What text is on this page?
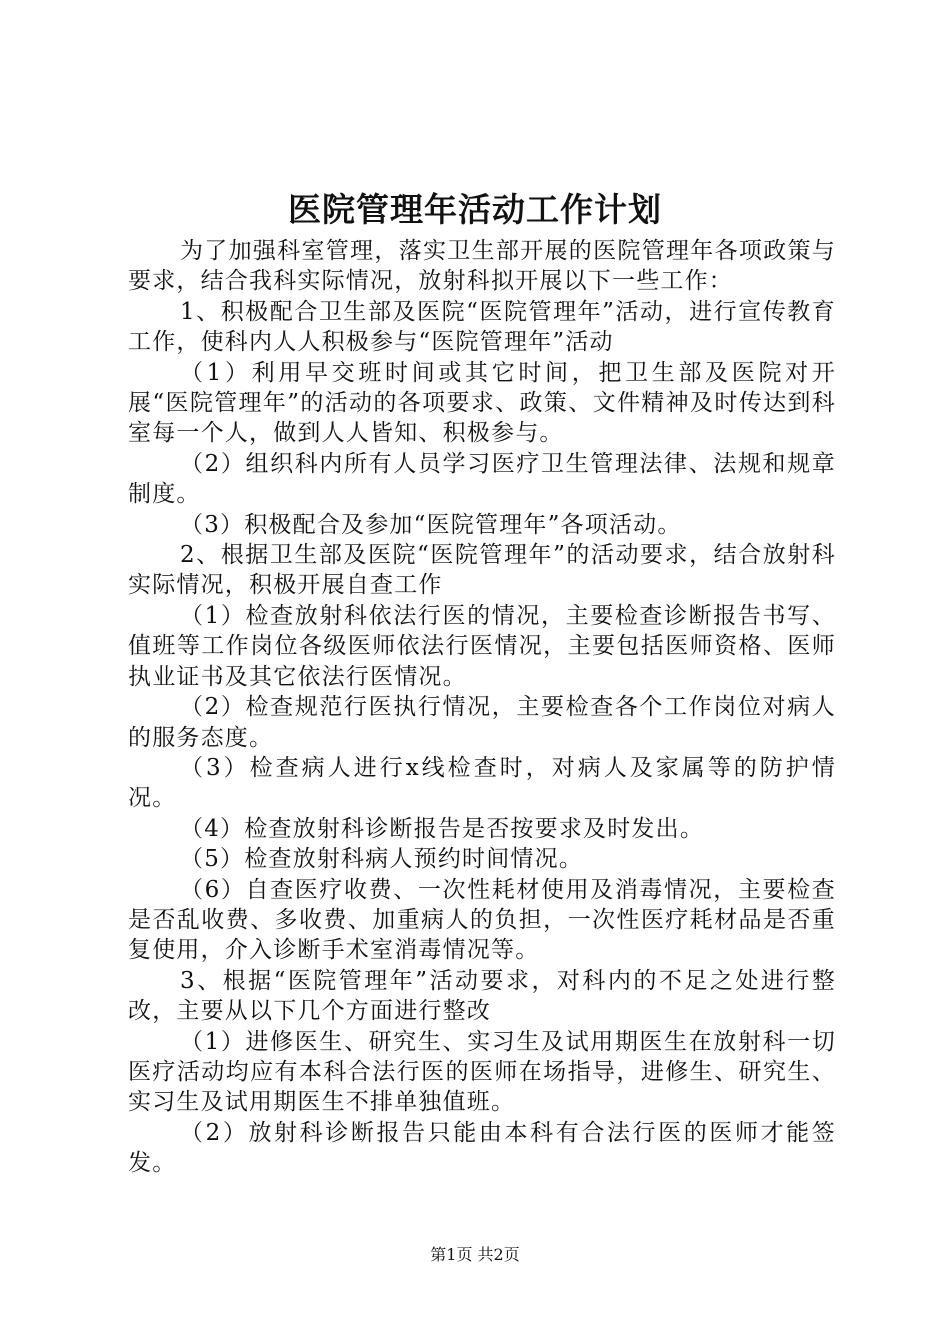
医院管理年活动工作计划

为了加强科室管理，落实卫生部开展的医院管理年各项政策与要求，结合我科实际情况，放射科拟开展以下一些工作：

1、积极配合卫生部及医院“医院管理年”活动，进行宣传教育工作，使科内人人积极参与“医院管理年”活动

（1）利用早交班时间或其它时间，把卫生部及医院对开展“医院管理年”的活动的各项要求、政策、文件精神及时传达到科室每一个人，做到人人皆知、积极参与。

（2）组织科内所有人员学习医疗卫生管理法律、法规和规章制度。

（3）积极配合及参加“医院管理年”各项活动。

2、根据卫生部及医院“医院管理年”的活动要求，结合放射科实际情况，积极开展自查工作

（1）检查放射科依法行医的情况，主要检查诊断报告书写、值班等工作岗位各级医师依法行医情况，主要包括医师资格、医师执业证书及其它依法行医情况。

（2）检查规范行医执行情况，主要检查各个工作岗位对病人的服务态度。

（3）检查病人进行x线检查时，对病人及家属等的防护情况。

（4）检查放射科诊断报告是否按要求及时发出。

（5）检查放射科病人预约时间情况。

（6）自查医疗收费、一次性耗材使用及消毒情况，主要检查是否乱收费、多收费、加重病人的负担，一次性医疗耗材品是否重复使用，介入诊断手术室消毒情况等。

3、根据“医院管理年”活动要求，对科内的不足之处进行整改，主要从以下几个方面进行整改

（1）进修医生、研究生、实习生及试用期医生在放射科一切医疗活动均应有本科合法行医的医师在场指导，进修生、研究生、实习生及试用期医生不排单独值班。

（2）放射科诊断报告只能由本科有合法行医的医师才能签发。

第1页 共2页
